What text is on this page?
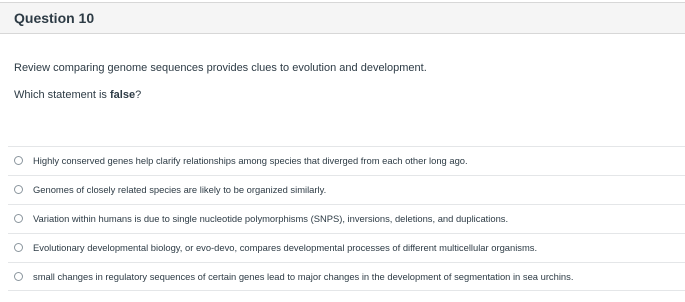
Question 10
Review comparing genome sequences provides clues to evolution and development.
Which statement is false?
Highly conserved genes help clarify relationships among species that diverged from each other long ago.
Genomes of closely related species are likely to be organized similarly.
Variation within humans is due to single nucleotide polymorphisms (SNPS), inversions, deletions, and duplications.
Evolutionary developmental biology, or evo-devo, compares developmental processes of different multicellular organisms.
small changes in regulatory sequences of certain genes lead to major changes in the development of segmentation in sea urchins.
